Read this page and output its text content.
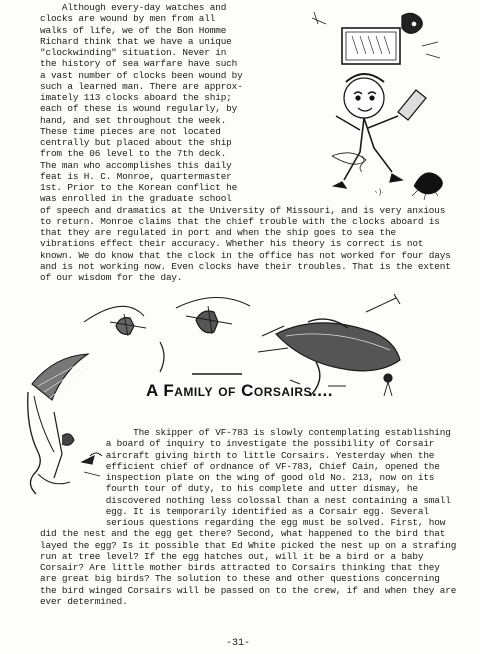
Although every-day watches and
clocks are wound by men from all
walks of life, we of the Bon Homme
Richard think that we have a unique
"clockwinding" situation. Never in
the history of sea warfare have such
a vast number of clocks been wound by
such a learned man. There are approx-
imately 113 clocks aboard the ship;
each of these is wound regularly, by
hand, and set throughout the week.
These time pieces are not located
centrally but placed about the ship
from the 06 level to the 7th deck.
The man who accomplishes this daily
feat is H. C. Monroe, quartermaster
1st. Prior to the Korean conflict he
was enrolled in the graduate school
of speech and dramatics at the University of Missouri, and is very anxious
to return. Monroe claims that the chief trouble with the clocks aboard is
that they are regulated in port and when the ship goes to sea the
vibrations effect their accuracy. Whether his theory is correct is not
known. We do know that the clock in the office has not worked for four days
and is not working now. Even clocks have their troubles. That is the extent
of our wisdom for the day.
ヽ)·
A Family of Corsairs....
The skipper of VF-783 is slowly contemplating establishing
a board of inquiry to investigate the possibility of Corsair
aircraft giving birth to little Corsairs. Yesterday when the
efficient chief of ordnance of VF-783, Chief Cain, opened the
inspection plate on the wing of good old No. 213, now on its
fourth tour of duty, to his complete and utter dismay, he
discovered nothing less colossal than a nest containing a small
egg. It is temporarily identified as a Corsair egg. Several
serious questions regarding the egg must be solved. First, how
did the nest and the egg get there? Second, what happened to the bird that
layed the egg? Is it possible that Ed White picked the nest up on a strafing
run at tree level? If the egg hatches out, will it be a bird or a baby
Corsair? Are little mother birds attracted to Corsairs thinking that they
are great big birds? The solution to these and other questions concerning
the bird winged Corsairs will be passed on to the crew, if and when they are
ever determined.
-31-
